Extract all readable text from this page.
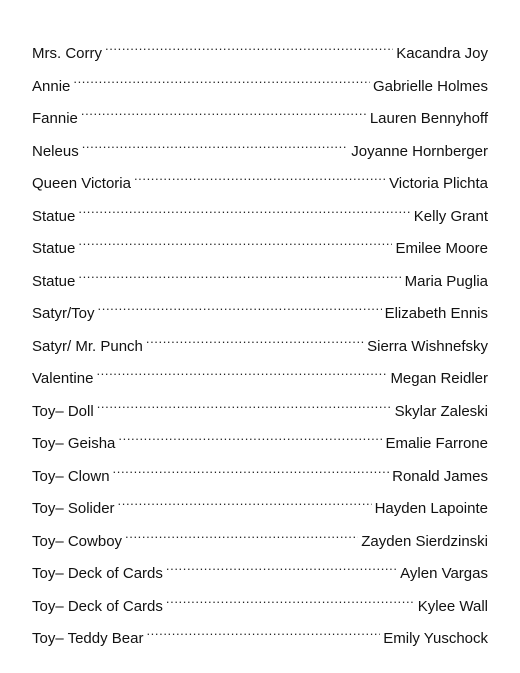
Mrs. Corry .....	Kacandra Joy
Annie .....	Gabrielle Holmes
Fannie .....	Lauren Bennyhoff
Neleus .....	Joyanne Hornberger
Queen Victoria .....	Victoria Plichta
Statue .....	Kelly Grant
Statue .....	Emilee Moore
Statue .....	Maria Puglia
Satyr/Toy .....	Elizabeth Ennis
Satyr/ Mr. Punch .....	Sierra Wishnefsky
Valentine .....	Megan Reidler
Toy– Doll .....	Skylar Zaleski
Toy– Geisha .....	Emalie Farrone
Toy– Clown .....	Ronald James
Toy– Solider .....	Hayden Lapointe
Toy– Cowboy .....	Zayden Sierdzinski
Toy– Deck of Cards .....	Aylen Vargas
Toy– Deck of Cards .....	Kylee Wall
Toy– Teddy Bear .....	Emily Yuschock
